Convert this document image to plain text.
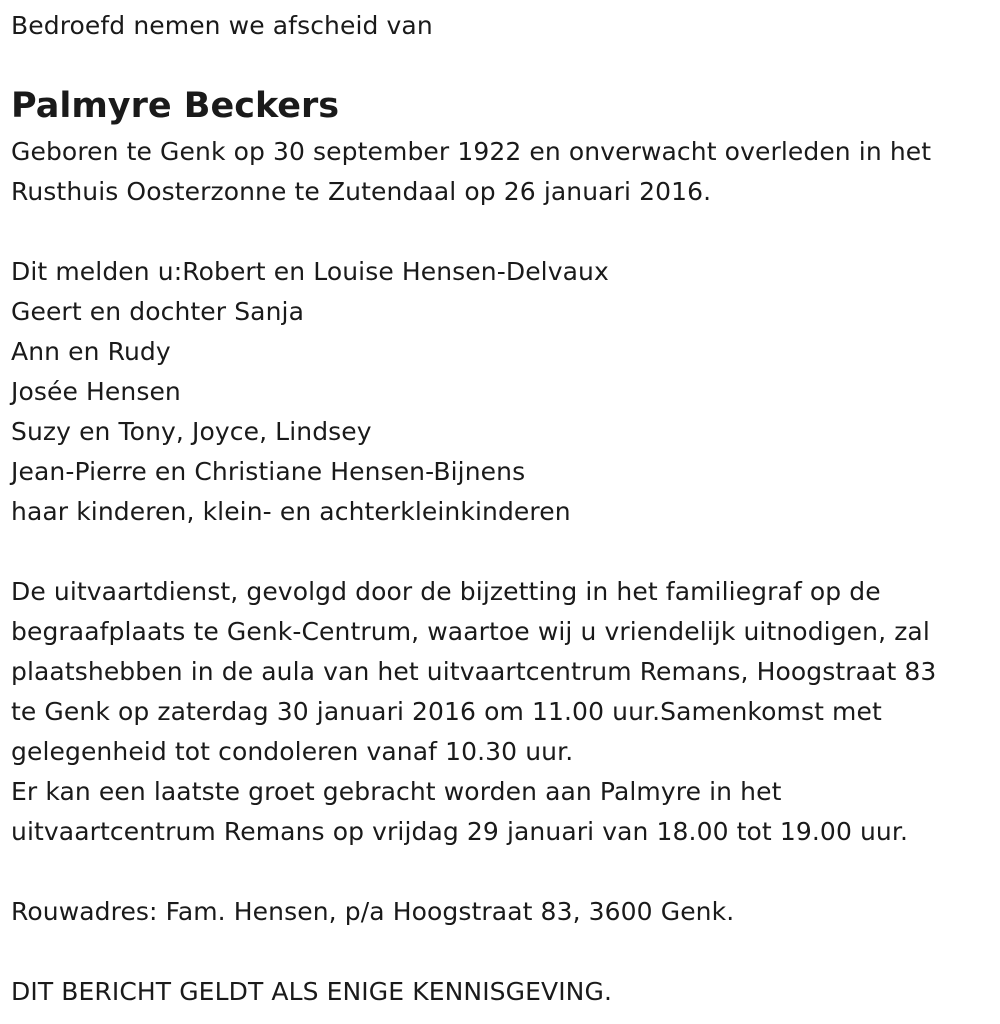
Bedroefd nemen we afscheid van
Palmyre Beckers
Geboren te Genk op 30 september 1922 en onverwacht overleden in het
Rusthuis Oosterzonne te Zutendaal op 26 januari 2016.
Dit melden u:Robert en Louise Hensen-Delvaux
Geert en dochter Sanja
Ann en Rudy
Josée Hensen
Suzy en Tony, Joyce, Lindsey
Jean-Pierre en Christiane Hensen-Bijnens
haar kinderen, klein- en achterkleinkinderen
De uitvaartdienst, gevolgd door de bijzetting in het familiegraf op de
begraafplaats te Genk-Centrum, waartoe wij u vriendelijk uitnodigen, zal
plaatshebben in de aula van het uitvaartcentrum Remans, Hoogstraat 83
te Genk op zaterdag 30 januari 2016 om 11.00 uur.Samenkomst met
gelegenheid tot condoleren vanaf 10.30 uur.
Er kan een laatste groet gebracht worden aan Palmyre in het
uitvaartcentrum Remans op vrijdag 29 januari van 18.00 tot 19.00 uur.
Rouwadres: Fam. Hensen, p/a Hoogstraat 83, 3600 Genk.
DIT BERICHT GELDT ALS ENIGE KENNISGEVING.
